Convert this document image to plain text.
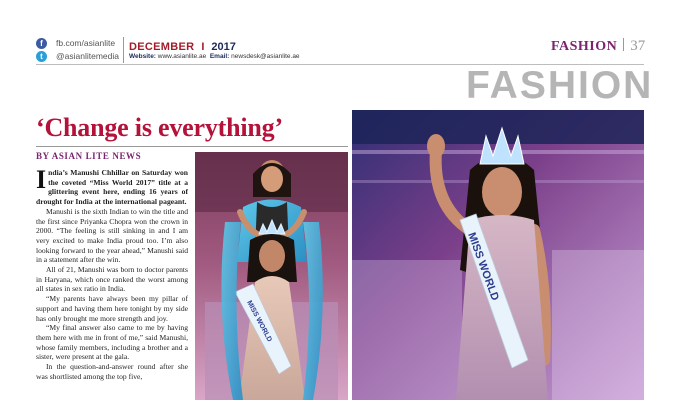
f	fb.com/asianlite
t	@asianlitemedia
DECEMBER I 2017
Website: www.asianlite.ae Email: newsdesk@asianlite.ae
FASHION 37
FASHION
‘Change is everything’
BY ASIAN LITE NEWS

India’s Manushi Chhillar on Saturday won the coveted “Miss World 2017” title at a glittering event here, ending 16 years of drought for India at the international pageant.

Manushi is the sixth Indian to win the title and the first since Priyanka Chopra won the crown in 2000. “The feeling is still sinking in and I am very excited to make India proud too. I’m also looking forward to the year ahead,” Manushi said in a statement after the win.

All of 21, Manushi was born to doctor parents in Haryana, which once ranked the worst among all states in sex ratio in India.

“My parents have always been my pillar of support and having them here tonight by my side has only brought me more strength and joy.

“My final answer also came to me by having them here with me in front of me,” said Manushi, whose family members, including a brother and a sister, were present at the gala.

In the question-and-answer round after she was shortlisted among the top five,

MISS WORLD
MISS WORLD
